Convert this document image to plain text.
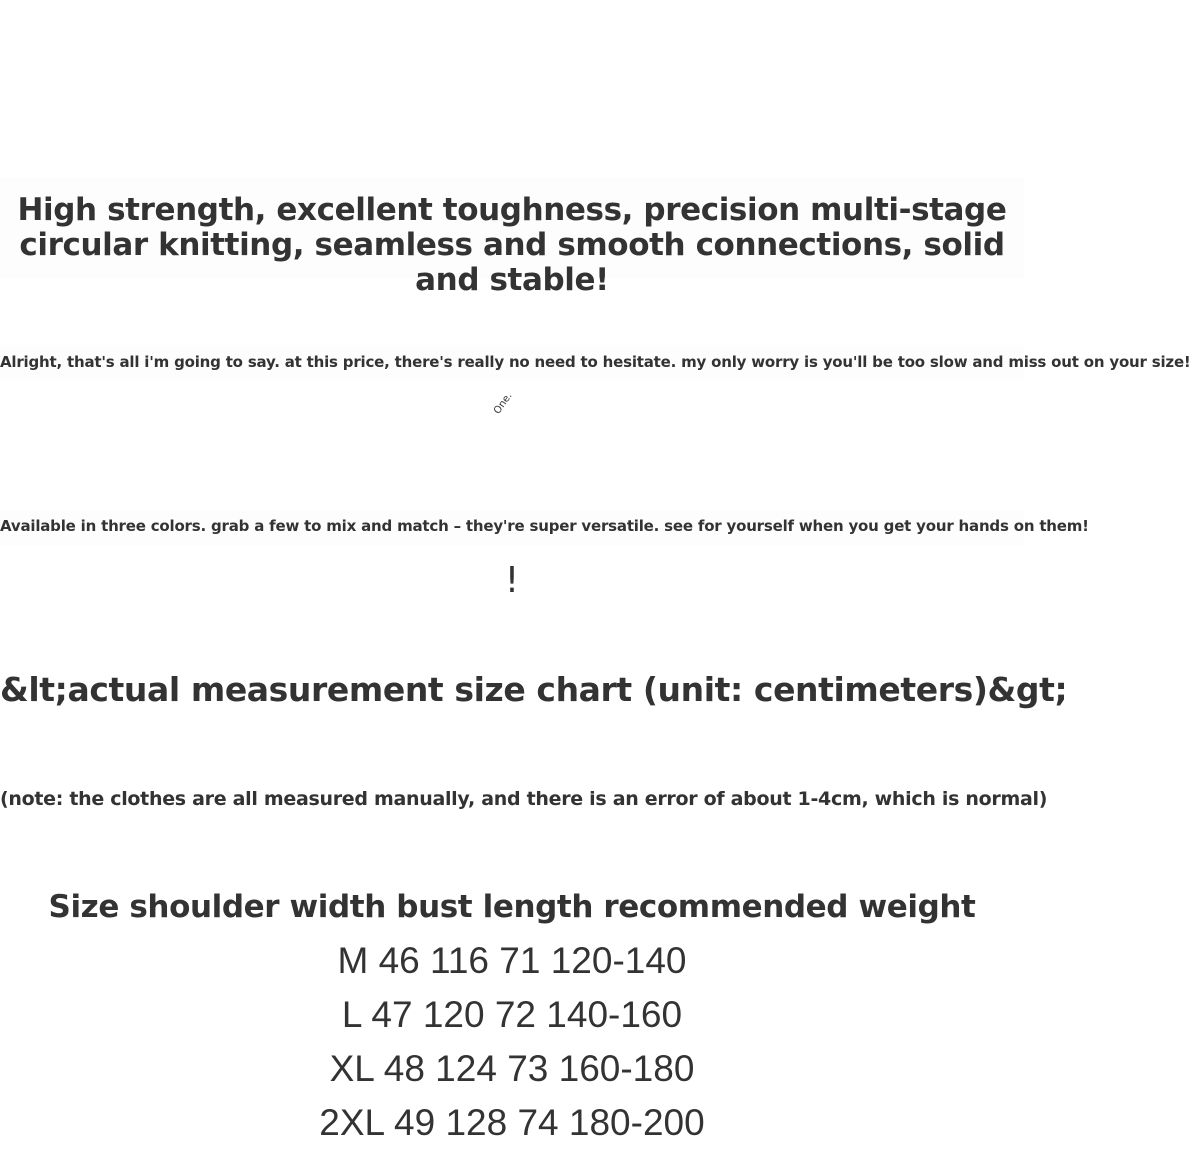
High strength, excellent toughness, precision multi-stage circular knitting, seamless and smooth connections, solid and stable!
Alright, that's all i'm going to say. at this price, there's really no need to hesitate. my only worry is you'll be too slow and miss out on your size!
One.
Available in three colors. grab a few to mix and match – they're super versatile. see for yourself when you get your hands on them!
!
&lt;actual measurement size chart (unit: centimeters)&gt;
(note: the clothes are all measured manually, and there is an error of about 1-4cm, which is normal)
Size shoulder width bust length recommended weight
M 46 116 71 120-140
L 47 120 72 140-160
XL 48 124 73 160-180
2XL 49 128 74 180-200
